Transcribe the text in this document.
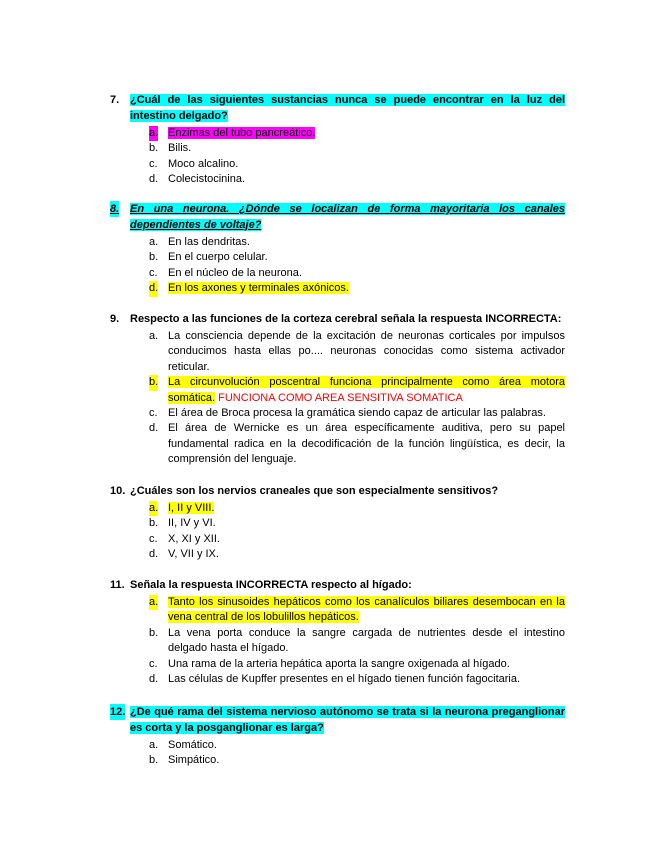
7. ¿Cuál de las siguientes sustancias nunca se puede encontrar en la luz del intestino delgado?
a. Enzimas del tubo pancreático.
b. Bilis.
c. Moco alcalino.
d. Colecistocinina.
8. En una neurona. ¿Dónde se localizan de forma mayoritaria los canales dependientes de voltaje?
a. En las dendritas.
b. En el cuerpo celular.
c. En el núcleo de la neurona.
d. En los axones y terminales axónicos.
9. Respecto a las funciones de la corteza cerebral señala la respuesta INCORRECTA:
a. La consciencia depende de la excitación de neuronas corticales por impulsos conducimos hasta ellas po.... neuronas conocidas como sistema activador reticular.
b. La circunvolución poscentral funciona principalmente como área motora somática. FUNCIONA COMO AREA SENSITIVA SOMATICA
c. El área de Broca procesa la gramática siendo capaz de articular las palabras.
d. El área de Wernicke es un área específicamente auditiva, pero su papel fundamental radica en la decodificación de la función lingüística, es decir, la comprensión del lenguaje.
10. ¿Cuáles son los nervios craneales que son especialmente sensitivos?
a. I, II y VIII.
b. II, IV y VI.
c. X, XI y XII.
d. V, VII y IX.
11. Señala la respuesta INCORRECTA respecto al hígado:
a. Tanto los sinusoides hepáticos como los canalículos biliares desembocan en la vena central de los lobulillos hepáticos.
b. La vena porta conduce la sangre cargada de nutrientes desde el intestino delgado hasta el hígado.
c. Una rama de la arteria hepática aporta la sangre oxigenada al hígado.
d. Las células de Kupffer presentes en el hígado tienen función fagocitaria.
12. ¿De qué rama del sistema nervioso autónomo se trata si la neurona preganglionar es corta y la posganglionar es larga?
a. Somático.
b. Simpático.
